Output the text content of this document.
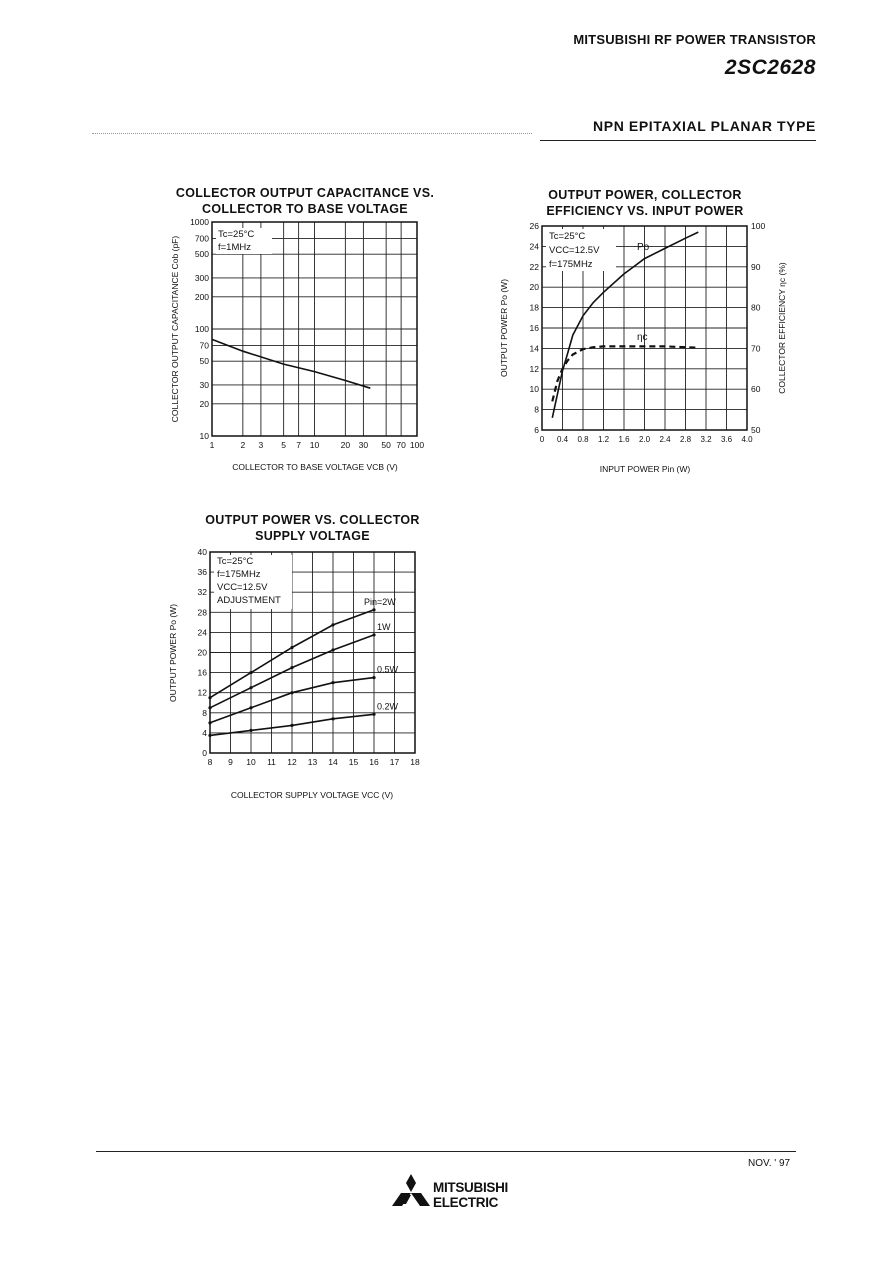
MITSUBISHI RF POWER TRANSISTOR
2SC2628
NPN EPITAXIAL PLANAR TYPE
COLLECTOR OUTPUT CAPACITANCE VS.
COLLECTOR TO BASE VOLTAGE
OUTPUT POWER, COLLECTOR
EFFICIENCY VS. INPUT POWER
OUTPUT POWER VS. COLLECTOR
SUPPLY VOLTAGE
1	2 3 5 7 10	20 30 50 70 100
10
20
30
50
70
100
200
300
500
700
1000
Tc=25°C
f=1MHz
COLLECTOR OUTPUT CAPACITANCE Cob (pF)
COLLECTOR TO BASE VOLTAGE VCB (V)
0 0.4 0.8 1.2 1.6 2.0 2.4 2.8 3.2 3.6 4.0
6
8
10
12
14
16
18
20
22
24
26
50
60
70
80
90
100
Tc=25°C
VCC=12.5V
f=175MHz
Po
ηc
OUTPUT POWER Po (W)	COLLECTOR EFFICIENCY ηc (%)
INPUT POWER Pin (W)
8 9 10 11 12 13 14 15 16 17 18
0
4
8
12
16
20
24
28
32
36
40
Pin=2W
1W
0.5W
0.2W
Tc=25°C
f=175MHz
VCC=12.5V
ADJUSTMENT
OUTPUT POWER Po (W)
COLLECTOR SUPPLY VOLTAGE VCC (V)
NOV. ' 97
MITSUBISHI
ELECTRIC
